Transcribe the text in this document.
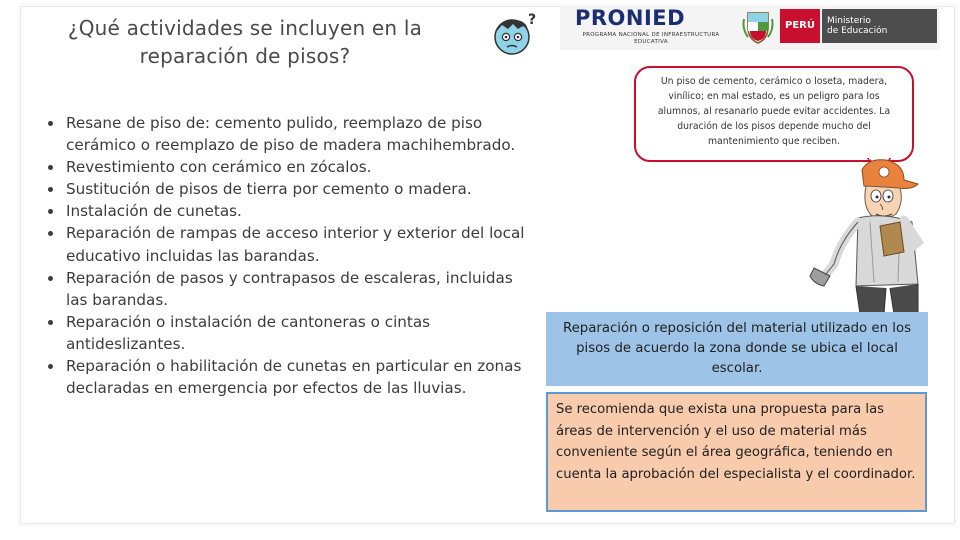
¿Qué actividades se incluyen en la
reparación de pisos?
? PRONIED
PROGRAMA NACIONAL DE INFRAESTRUCTURA EDUCATIVA
PERÚ	Ministerio
de Educación
• Resane de piso de: cemento pulido, reemplazo de piso cerámico o reemplazo de piso de madera machihembrado.
• Revestimiento con cerámico en zócalos.
• Sustitución de pisos de tierra por cemento o madera.
• Instalación de cunetas.
• Reparación de rampas de acceso interior y exterior del local educativo incluidas las barandas.
• Reparación de pasos y contrapasos de escaleras, incluidas las barandas.
• Reparación o instalación de cantoneras o cintas antideslizantes.
• Reparación o habilitación de cunetas en particular en zonas declaradas en emergencia por efectos de las lluvias.
Un piso de cemento, cerámico o loseta, madera, vinílico; en mal estado, es un peligro para los alumnos, al resanarlo puede evitar accidentes. La duración de los pisos depende mucho del mantenimiento que reciben.
Reparación o reposición del material utilizado en los pisos de acuerdo la zona donde se ubica el local escolar.
Se recomienda que exista una propuesta para las áreas de intervención y el uso de material más conveniente según el área geográfica, teniendo en cuenta la aprobación del especialista y el coordinador.
